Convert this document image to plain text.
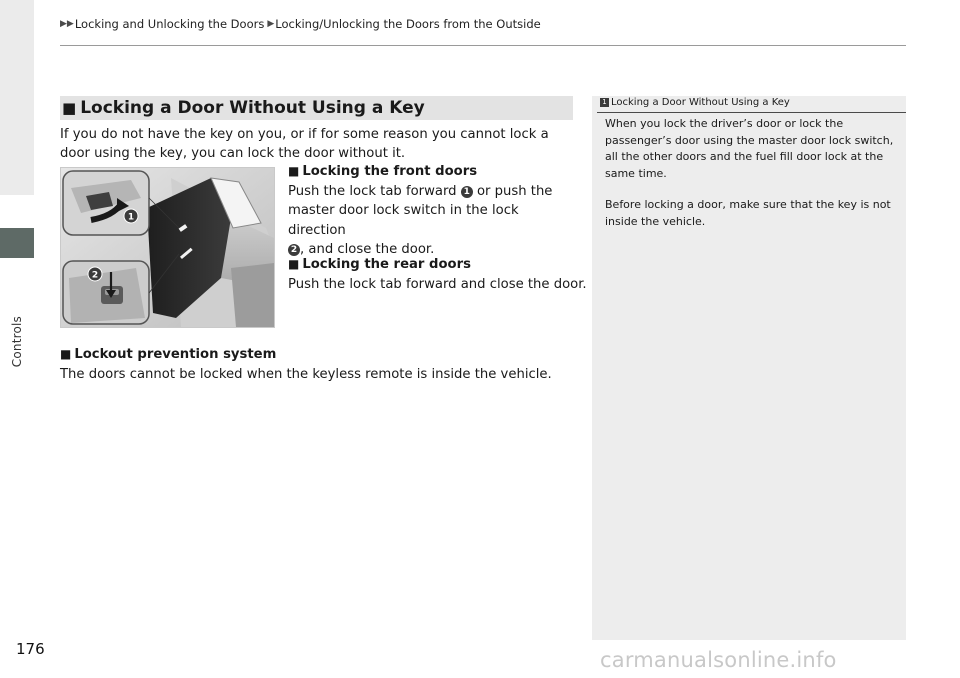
▶▶ Locking and Unlocking the Doors ▶ Locking/Unlocking the Doors from the Outside
Controls
■ Locking a Door Without Using a Key
If you do not have the key on you, or if for some reason you cannot lock a door using the key, you can lock the door without it.
1
2
■ Locking the front doors
Push the lock tab forward 1 or push the master door lock switch in the lock direction
2 , and close the door.
■ Locking the rear doors
Push the lock tab forward and close the door.
■ Lockout prevention system
The doors cannot be locked when the keyless remote is inside the vehicle.
1 Locking a Door Without Using a Key
When you lock the driver’s door or lock the passenger’s door using the master door lock switch, all the other doors and the fuel fill door lock at the same time.
Before locking a door, make sure that the key is not inside the vehicle.
176	carmanualsonline.info
